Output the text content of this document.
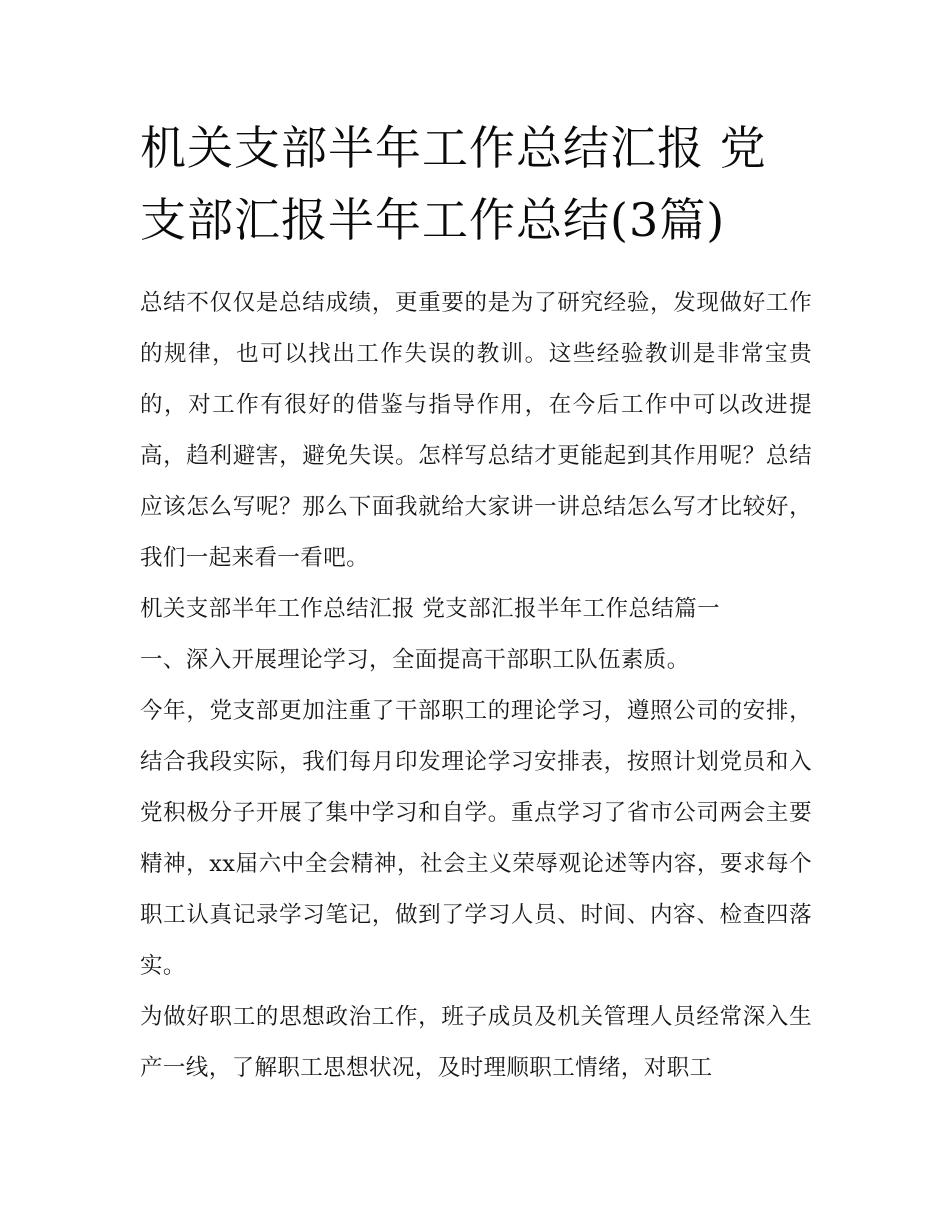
机关支部半年工作总结汇报 党支部汇报半年工作总结(3篇)

总结不仅仅是总结成绩，更重要的是为了研究经验，发现做好工作的规律，也可以找出工作失误的教训。这些经验教训是非常宝贵的，对工作有很好的借鉴与指导作用，在今后工作中可以改进提高，趋利避害，避免失误。怎样写总结才更能起到其作用呢？总结应该怎么写呢？那么下面我就给大家讲一讲总结怎么写才比较好，我们一起来看一看吧。

机关支部半年工作总结汇报 党支部汇报半年工作总结篇一

一、深入开展理论学习，全面提高干部职工队伍素质。

今年，党支部更加注重了干部职工的理论学习，遵照公司的安排，结合我段实际，我们每月印发理论学习安排表，按照计划党员和入党积极分子开展了集中学习和自学。重点学习了省市公司两会主要精神，xx届六中全会精神，社会主义荣辱观论述等内容，要求每个职工认真记录学习笔记，做到了学习人员、时间、内容、检查四落实。

为做好职工的思想政治工作，班子成员及机关管理人员经常深入生产一线，了解职工思想状况，及时理顺职工情绪，对职工
